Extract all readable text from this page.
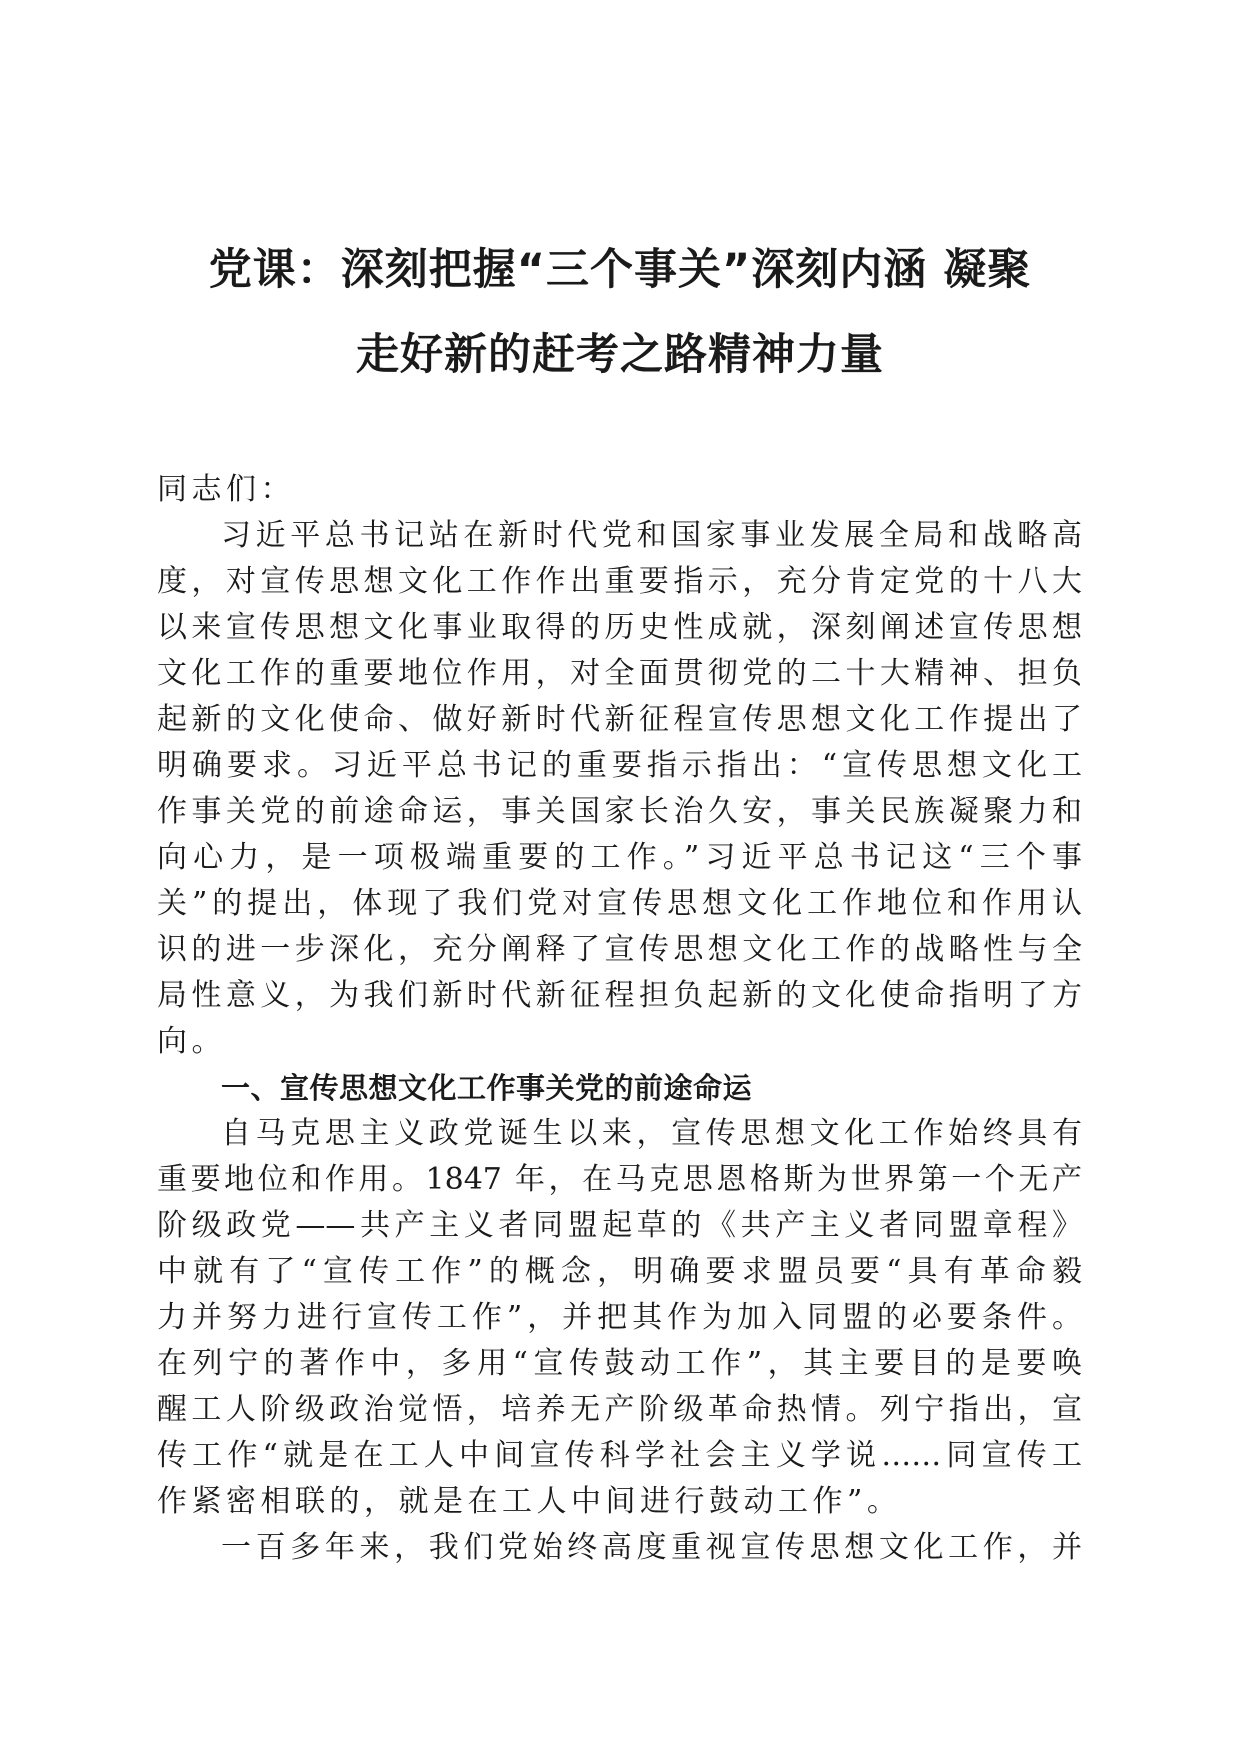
党课：深刻把握“三个事关”深刻内涵 凝聚
走好新的赶考之路精神力量
同志们：
习近平总书记站在新时代党和国家事业发展全局和战略高
度，对宣传思想文化工作作出重要指示，充分肯定党的十八大
以来宣传思想文化事业取得的历史性成就，深刻阐述宣传思想
文化工作的重要地位作用，对全面贯彻党的二十大精神、担负
起新的文化使命、做好新时代新征程宣传思想文化工作提出了
明确要求。习近平总书记的重要指示指出：“宣传思想文化工
作事关党的前途命运，事关国家长治久安，事关民族凝聚力和
向心力，是一项极端重要的工作。”习近平总书记这“三个事
关”的提出，体现了我们党对宣传思想文化工作地位和作用认
识的进一步深化，充分阐释了宣传思想文化工作的战略性与全
局性意义，为我们新时代新征程担负起新的文化使命指明了方
向。
一、宣传思想文化工作事关党的前途命运
自马克思主义政党诞生以来，宣传思想文化工作始终具有
重要地位和作用。1847 年，在马克思恩格斯为世界第一个无产
阶级政党——共产主义者同盟起草的《共产主义者同盟章程》
中就有了“宣传工作”的概念，明确要求盟员要“具有革命毅
力并努力进行宣传工作”，并把其作为加入同盟的必要条件。
在列宁的著作中，多用“宣传鼓动工作”，其主要目的是要唤
醒工人阶级政治觉悟，培养无产阶级革命热情。列宁指出，宣
传工作“就是在工人中间宣传科学社会主义学说……同宣传工
作紧密相联的，就是在工人中间进行鼓动工作”。
一百多年来，我们党始终高度重视宣传思想文化工作，并
